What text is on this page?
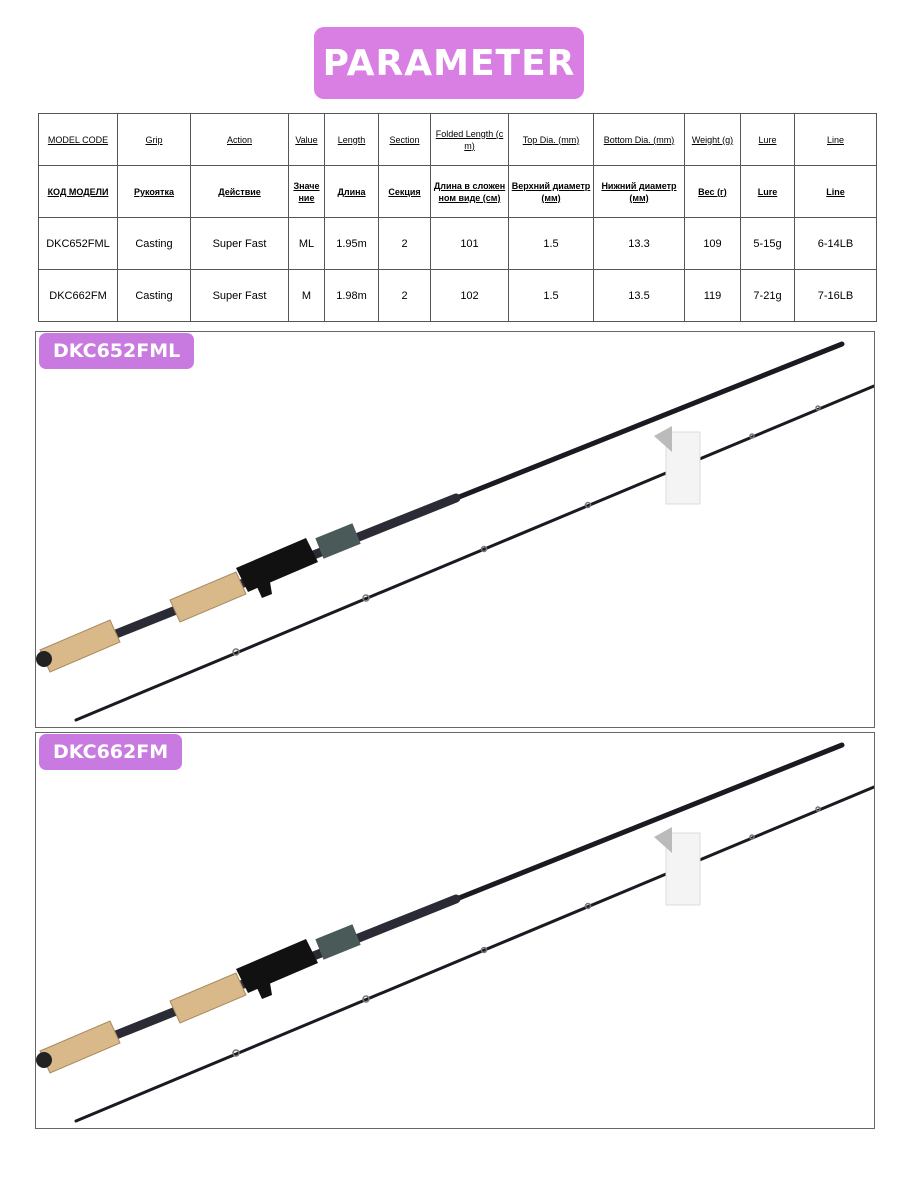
PARAMETER
MODEL CODE	Grip	Action	Value	Length	Section	Folded Length (cm)	Top Dia. (mm)	Bottom Dia. (mm)	Weight (g)	Lure	Line
КОД МОДЕЛИ	Рукоятка	Действие	Значение	Длина	Секция	Длина в сложенном виде (см)	Верхний диаметр (мм)	Нижний диаметр (мм)	Вес (г)	Lure	Line
DKC652FML	Casting	Super Fast	ML	1.95m	2	101	1.5	13.3	109	5-15g	6-14LB
DKC662FM	Casting	Super Fast	M	1.98m	2	102	1.5	13.5	119	7-21g	7-16LB
DKC652FML
DKC662FM
